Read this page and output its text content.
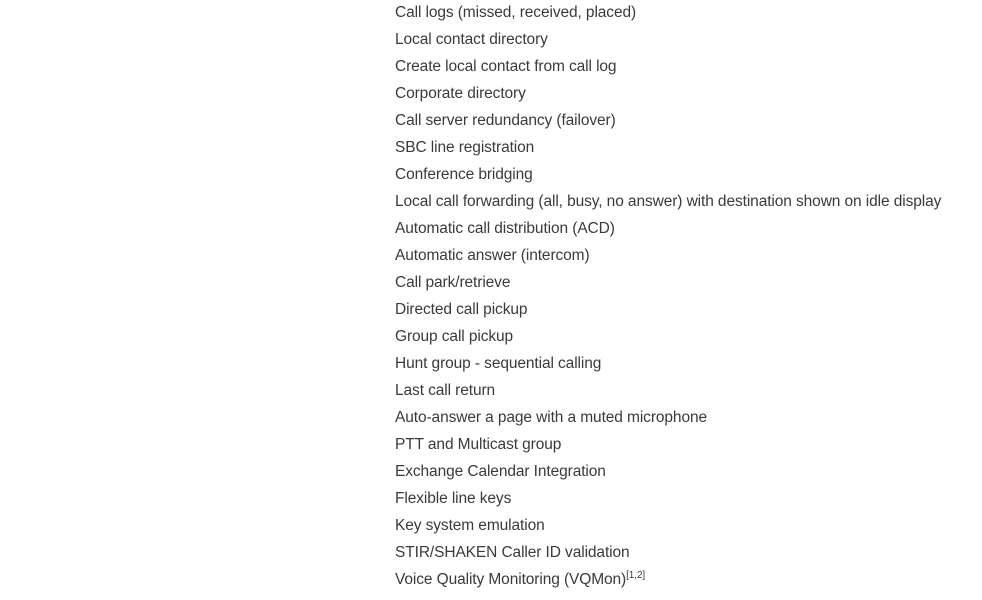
Call logs (missed, received, placed)
Local contact directory
Create local contact from call log
Corporate directory
Call server redundancy (failover)
SBC line registration
Conference bridging
Local call forwarding (all, busy, no answer) with destination shown on idle display
Automatic call distribution (ACD)
Automatic answer (intercom)
Call park/retrieve
Directed call pickup
Group call pickup
Hunt group - sequential calling
Last call return
Auto-answer a page with a muted microphone
PTT and Multicast group
Exchange Calendar Integration
Flexible line keys
Key system emulation
STIR/SHAKEN Caller ID validation
Voice Quality Monitoring (VQMon)[1,2]
